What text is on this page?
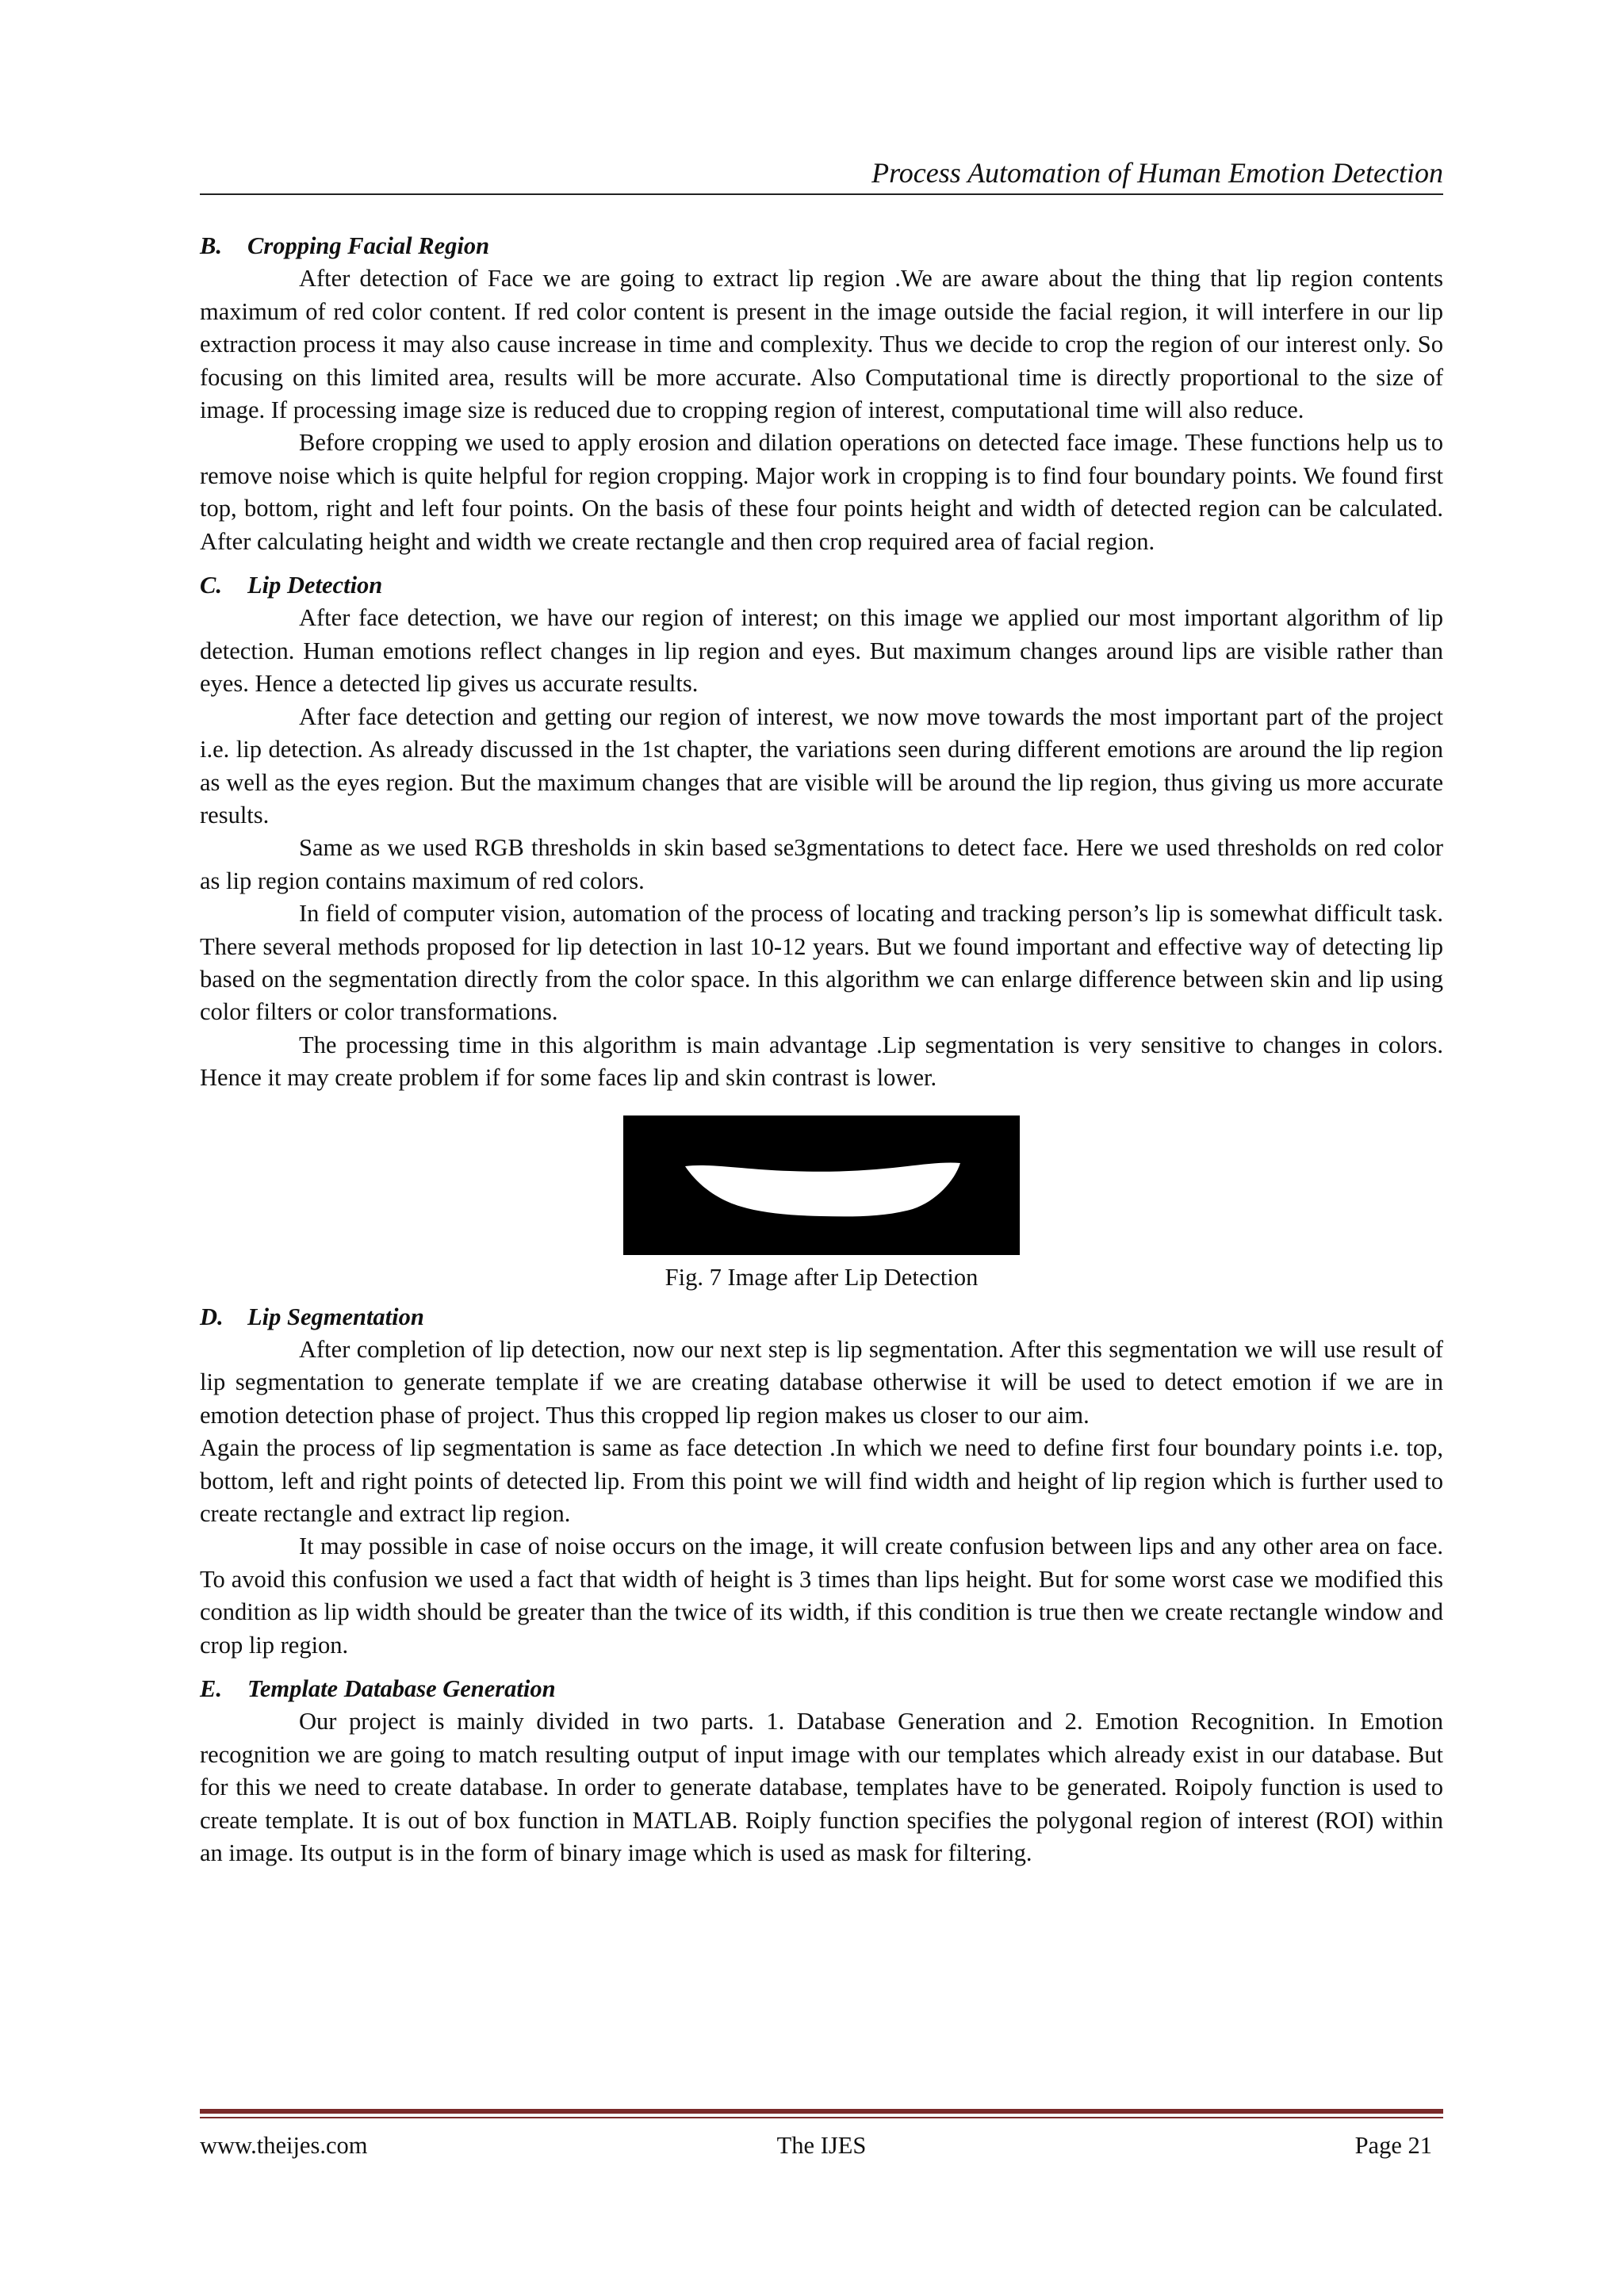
Process Automation of Human Emotion Detection
B. Cropping Facial Region

After detection of Face we are going to extract lip region .We are aware about the thing that lip region contents maximum of red color content. If red color content is present in the image outside the facial region, it will interfere in our lip extraction process it may also cause increase in time and complexity. Thus we decide to crop the region of our interest only. So focusing on this limited area, results will be more accurate. Also Computational time is directly proportional to the size of image. If processing image size is reduced due to cropping region of interest, computational time will also reduce.

Before cropping we used to apply erosion and dilation operations on detected face image. These functions help us to remove noise which is quite helpful for region cropping. Major work in cropping is to find four boundary points. We found first top, bottom, right and left four points. On the basis of these four points height and width of detected region can be calculated. After calculating height and width we create rectangle and then crop required area of facial region.

C. Lip Detection

After face detection, we have our region of interest; on this image we applied our most important algorithm of lip detection. Human emotions reflect changes in lip region and eyes. But maximum changes around lips are visible rather than eyes. Hence a detected lip gives us accurate results.

After face detection and getting our region of interest, we now move towards the most important part of the project i.e. lip detection. As already discussed in the 1st chapter, the variations seen during different emotions are around the lip region as well as the eyes region. But the maximum changes that are visible will be around the lip region, thus giving us more accurate results.

Same as we used RGB thresholds in skin based se3gmentations to detect face. Here we used thresholds on red color as lip region contains maximum of red colors.

In field of computer vision, automation of the process of locating and tracking person’s lip is somewhat difficult task. There several methods proposed for lip detection in last 10-12 years. But we found important and effective way of detecting lip based on the segmentation directly from the color space. In this algorithm we can enlarge difference between skin and lip using color filters or color transformations.

The processing time in this algorithm is main advantage .Lip segmentation is very sensitive to changes in colors. Hence it may create problem if for some faces lip and skin contrast is lower.

Fig. 7 Image after Lip Detection
D. Lip Segmentation

After completion of lip detection, now our next step is lip segmentation. After this segmentation we will use result of lip segmentation to generate template if we are creating database otherwise it will be used to detect emotion if we are in emotion detection phase of project. Thus this cropped lip region makes us closer to our aim.

Again the process of lip segmentation is same as face detection .In which we need to define first four boundary points i.e. top, bottom, left and right points of detected lip. From this point we will find width and height of lip region which is further used to create rectangle and extract lip region.

It may possible in case of noise occurs on the image, it will create confusion between lips and any other area on face. To avoid this confusion we used a fact that width of height is 3 times than lips height. But for some worst case we modified this condition as lip width should be greater than the twice of its width, if this condition is true then we create rectangle window and crop lip region.

E. Template Database Generation

Our project is mainly divided in two parts. 1. Database Generation and 2. Emotion Recognition. In Emotion recognition we are going to match resulting output of input image with our templates which already exist in our database. But for this we need to create database. In order to generate database, templates have to be generated. Roipoly function is used to create template. It is out of box function in MATLAB. Roiply function specifies the polygonal region of interest (ROI) within an image. Its output is in the form of binary image which is used as mask for filtering.

www.theijes.com	The IJES	Page 21
